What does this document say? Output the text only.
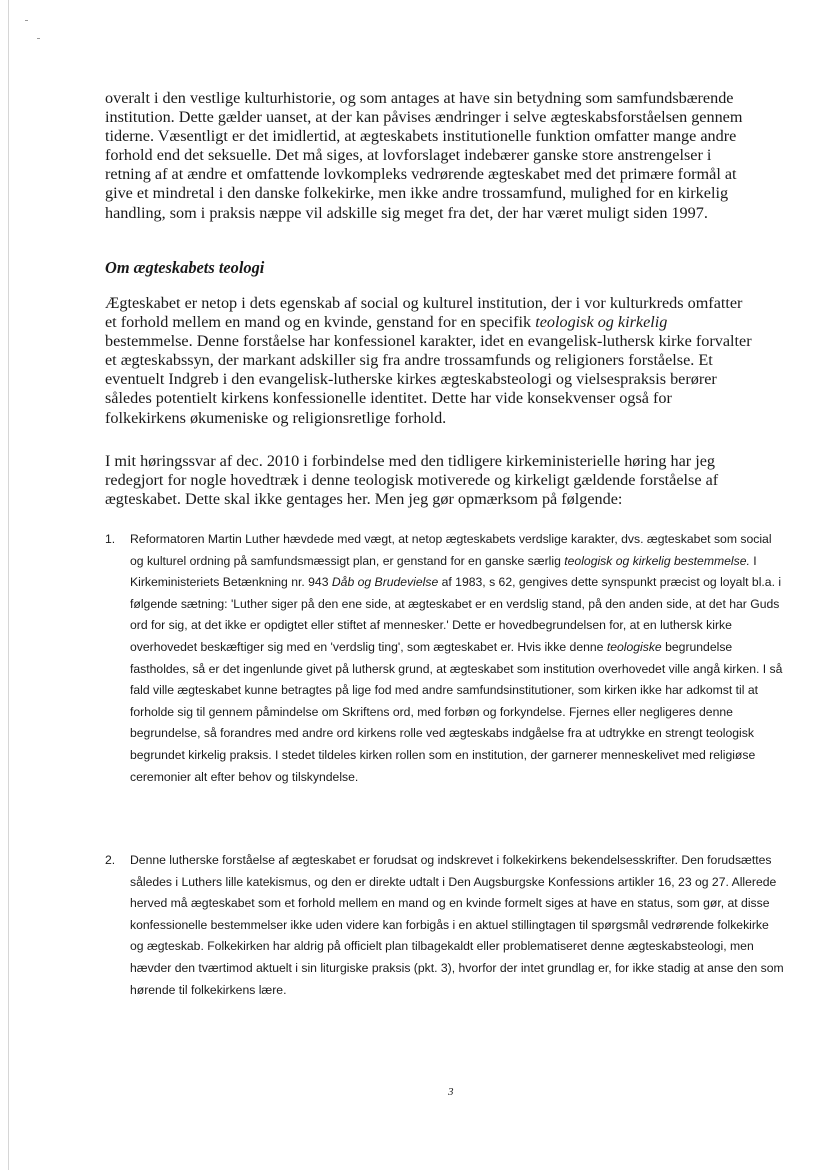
overalt i den vestlige kulturhistorie, og som antages at have sin betydning som samfundsbærende institution. Dette gælder uanset, at der kan påvises ændringer i selve ægteskabsforståelsen gennem tiderne. Væsentligt er det imidlertid, at ægteskabets institutionelle funktion omfatter mange andre forhold end det seksuelle. Det må siges, at lovforslaget indebærer ganske store anstrengelser i retning af at ændre et omfattende lovkompleks vedrørende ægteskabet med det primære formål at give et mindretal i den danske folkekirke, men ikke andre trossamfund, mulighed for en kirkelig handling, som i praksis næppe vil adskille sig meget fra det, der har været muligt siden 1997.

Om ægteskabets teologi

Ægteskabet er netop i dets egenskab af social og kulturel institution, der i vor kulturkreds omfatter et forhold mellem en mand og en kvinde, genstand for en specifik teologisk og kirkelig bestemmelse. Denne forståelse har konfessionel karakter, idet en evangelisk-luthersk kirke forvalter et ægteskabssyn, der markant adskiller sig fra andre trossamfunds og religioners forståelse. Et eventuelt Indgreb i den evangelisk-lutherske kirkes ægteskabsteologi og vielsespraksis berører således potentielt kirkens konfessionelle identitet. Dette har vide konsekvenser også for folkekirkens økumeniske og religionsretlige forhold.

I mit høringssvar af dec. 2010 i forbindelse med den tidligere kirkeministerielle høring har jeg redegjort for nogle hovedtræk i denne teologisk motiverede og kirkeligt gældende forståelse af ægteskabet. Dette skal ikke gentages her. Men jeg gør opmærksom på følgende:

1.	Reformatoren Martin Luther hævdede med vægt, at netop ægteskabets verdslige karakter, dvs. ægteskabet som social og kulturel ordning på samfundsmæssigt plan, er genstand for en ganske særlig teologisk og kirkelig bestemmelse. I Kirkeministeriets Betænkning nr. 943 Dåb og Brudevielse af 1983, s 62, gengives dette synspunkt præcist og loyalt bl.a. i følgende sætning: 'Luther siger på den ene side, at ægteskabet er en verdslig stand, på den anden side, at det har Guds ord for sig, at det ikke er opdigtet eller stiftet af mennesker.' Dette er hovedbegrundelsen for, at en luthersk kirke overhovedet beskæftiger sig med en 'verdslig ting', som ægteskabet er. Hvis ikke denne teologiske begrundelse fastholdes, så er det ingenlunde givet på luthersk grund, at ægteskabet som institution overhovedet ville angå kirken. I så fald ville ægteskabet kunne betragtes på lige fod med andre samfundsinstitutioner, som kirken ikke har adkomst til at forholde sig til gennem påmindelse om Skriftens ord, med forbøn og forkyndelse. Fjernes eller negligeres denne begrundelse, så forandres med andre ord kirkens rolle ved ægteskabs indgåelse fra at udtrykke en strengt teologisk begrundet kirkelig praksis. I stedet tildeles kirken rollen som en institution, der garnerer menneskelivet med religiøse ceremonier alt efter behov og tilskyndelse.
2.	Denne lutherske forståelse af ægteskabet er forudsat og indskrevet i folkekirkens bekendelsesskrifter. Den forudsættes således i Luthers lille katekismus, og den er direkte udtalt i Den Augsburgske Konfessions artikler 16, 23 og 27. Allerede herved må ægteskabet som et forhold mellem en mand og en kvinde formelt siges at have en status, som gør, at disse konfessionelle bestemmelser ikke uden videre kan forbigås i en aktuel stillingtagen til spørgsmål vedrørende folkekirke og ægteskab. Folkekirken har aldrig på officielt plan tilbagekaldt eller problematiseret denne ægteskabsteologi, men hævder den tværtimod aktuelt i sin liturgiske praksis (pkt. 3), hvorfor der intet grundlag er, for ikke stadig at anse den som hørende til folkekirkens lære.
3
